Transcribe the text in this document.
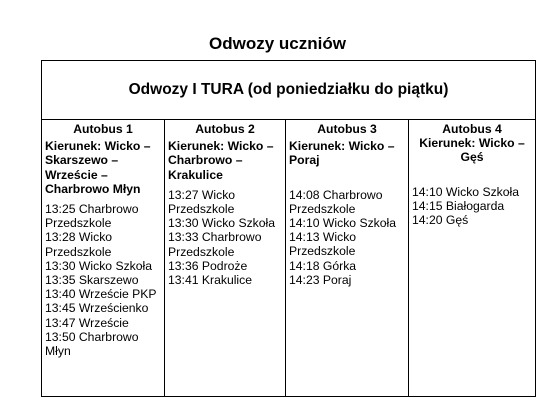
Odwozy uczniów
Odwozy I TURA (od poniedziałku do piątku)

Autobus 1
Kierunek: Wicko – Skarszewo – Wrzeście – Charbrowo Młyn
13:25 Charbrowo Przedszkole
13:28 Wicko Przedszkole
13:30 Wicko Szkoła
13:35 Skarszewo
13:40 Wrzeście PKP
13:45 Wrześcienko
13:47 Wrzeście
13:50 Charbrowo Młyn

Autobus 2
Kierunek: Wicko – Charbrowo – Krakulice
13:27 Wicko Przedszkole
13:30 Wicko Szkoła
13:33 Charbrowo Przedszkole
13:36 Podroże
13:41 Krakulice

Autobus 3
Kierunek: Wicko – Poraj
14:08 Charbrowo Przedszkole
14:10 Wicko Szkoła
14:13 Wicko Przedszkole
14:18 Górka
14:23 Poraj

Autobus 4
Kierunek: Wicko – Gęś
14:10 Wicko Szkoła
14:15 Białogarda
14:20 Gęś
